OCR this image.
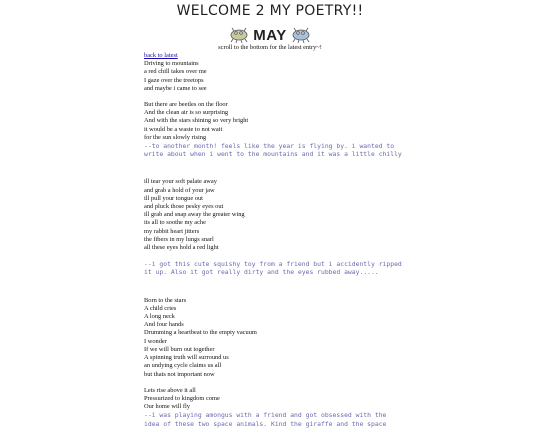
WELCOME 2 MY POETRY!!
MAY
scroll to the bottom for the latest entry~!
back to latest
Driving to mountains
a red chill takes over me
I gaze over the treetops
and maybe i came to see
But there are beetles on the floor
And the clean air is so surprising
And with the stars shining so very bright
it would be a waste to not wait
for the sun slowly rising
--to another month! feels like the year is flying by. i wanted to write about when i went to the mountains and it was a little chilly
ill tear your soft palate away
and grab a hold of your jaw
ill pull your tongue out
and pluck those pesky eyes out
ill grab and snap away the greater wing
its all to soothe my ache
my rabbit heart jitters
the fibers in my lungs snarl
all these eyes hold a red light
--i got this cute squishy toy from a friend but i accidently ripped it up. Also it got really dirty and the eyes rubbed away.....
Born to the stars
A child cries
A long neck
And four hands
Drumming a heartbeat to the empty vacuum
I wonder
If we will burn out together
A spinning truth will surround us
an undying cycle claims us all
but thats not important now
Lets rise above it all
Pressurized to kingdom come
Our home will fly
--i was playing amongus with a friend and got obsessed with the idea of these two space animals. Kind the giraffe and the space
